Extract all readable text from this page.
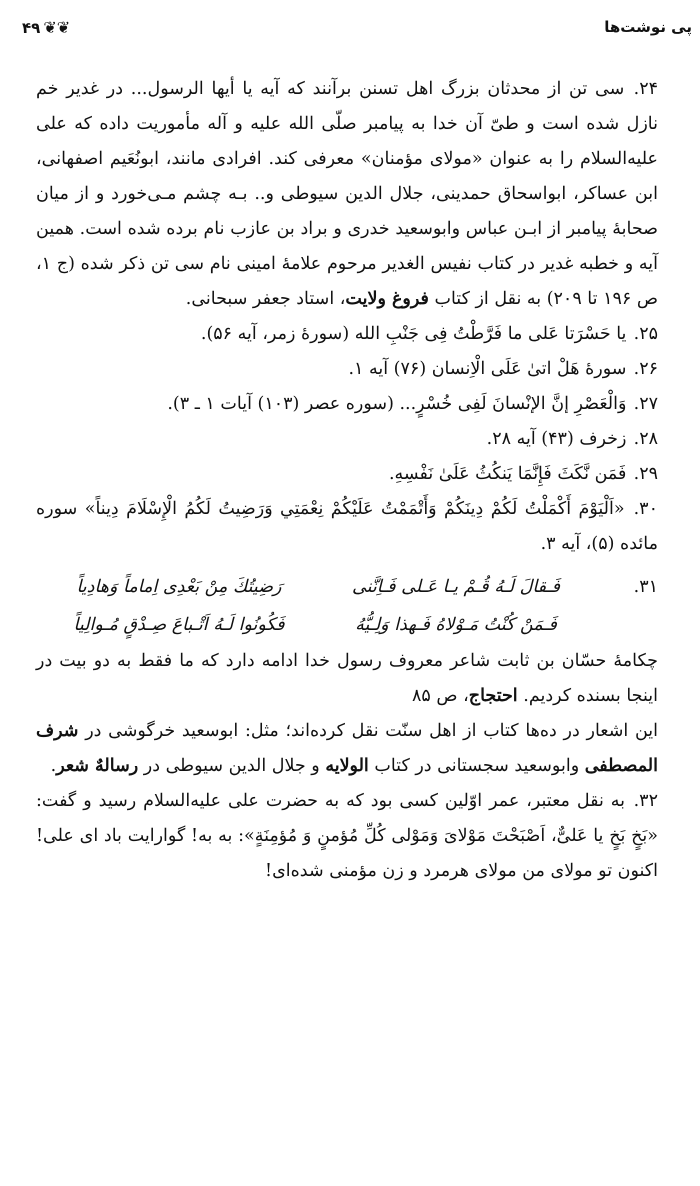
پی نوشت‌ها
۴۹ ❦❦

۲۴. سی تن از محدثان بزرگ اهل تسنن برآنند که آیه یا أیها الرسول... در غدیر خم نازل شده است و طیّ آن خدا به پیامبر صلّی الله علیه و آله مأموریت داده که علی علیه‌السلام را به عنوان «مولای مؤمنان» معرفی کند. افرادی مانند، ابونُعَیم اصفهانی، ابن عساکر، ابواسحاق حمدینی، جلال الدین سیوطی و.. بـه چشم مـی‌خورد و از میان صحابهٔ پیامبر از ابـن عباس وابوسعید خدری و براد بن عازب نام برده شده است. همین آیه و خطبه غدیر در کتاب نفیس الغدیر مرحوم علامهٔ امینی نام سی تن ذکر شده (ج ۱، ص ۱۹۶ تا ۲۰۹) به نقل از کتاب فروغ ولایت، استاد جعفر سبحانی.

۲۵. یا حَسْرَتا عَلی ما فَرَّطْتُ فِی جَنْبِ الله (سورهٔ زمر، آیه ۵۶).

۲۶. سورهٔ هَلْ اتیٰ عَلَی الْاِنسان (۷۶) آیه ۱.

۲۷. وَالْعَصْرِ إنَّ الإنْسانَ لَفِی خُسْرٍ... (سوره عصر (۱۰۳) آیات ۱ ـ ۳).

۲۸. زخرف (۴۳) آیه ۲۸.

۲۹. فَمَن نَّكَثَ فَإِنَّمَا يَنكُثُ عَلَىٰ نَفْسِهِ.

۳۰. «اَلْيَوْمَ أَكْمَلْتُ لَكُمْ دِينَكُمْ وَأَتْمَمْتُ عَلَيْكُمْ نِعْمَتِي وَرَضِيتُ لَكُمُ الْإِسْلَامَ دِيناً» سوره مائده (۵)، آیه ۳.

۳۱.
فَـقالَ لَـهُ قُـمْ یـا عَـلی فَـاِنَّنی
رَضِیتُكَ مِنْ بَعْدِی اِماماً وَهادِیاً
فَـمَنْ كُنْتُ مَـوْلاهُ فَـهذا وَلِـیُّهُ
فَكُونُوا لَـهُ اَتْـباعَ صِـدْقٍ مُـوالِیاً

چکامهٔ حسّان بن ثابت شاعر معروف رسول خدا ادامه دارد که ما فقط به دو بیت در اینجا بسنده کردیم. احتجاج، ص ۸۵

این اشعار در ده‌ها کتاب از اهل سنّت نقل کرده‌اند؛ مثل: ابوسعید خرگوشی در شرف المصطفی وابوسعید سجستانی در کتاب الولایه و جلال الدین سیوطی در رسالهٌ شعر.

۳۲. به نقل معتبر، عمر اوّلین کسی بود که به حضرت علی علیه‌السلام رسید و گفت: «بَخٍ بَخٍ یا عَلیٌّ، اَصْبَحْتَ مَوْلایَ وَمَوْلی كُلِّ مُؤمنٍ وَ مُؤمِنَةٍ»: به به! گوارایت باد ای علی! اکنون تو مولای من مولای هرمرد و زن مؤمنی شده‌ای!
